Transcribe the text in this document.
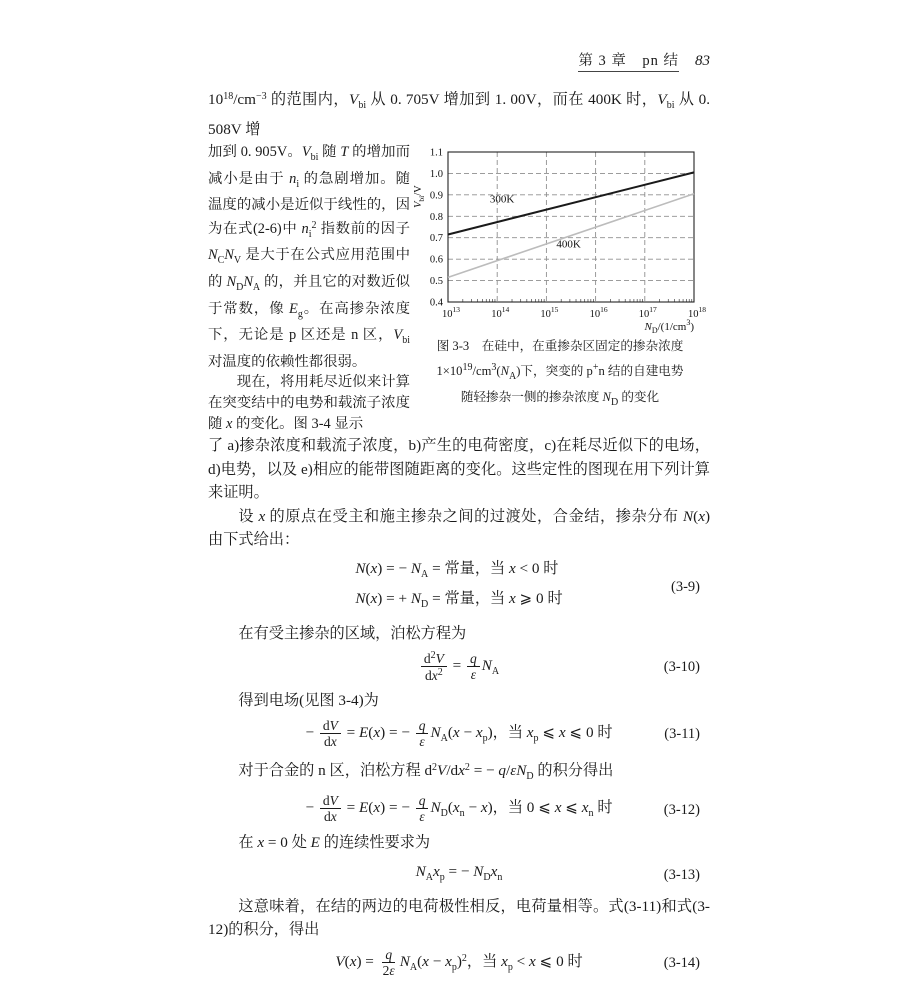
第 3 章　pn 结 83
$10^{18}/cm^{-3}$ 的范围内，$V_{bi}$ 从 0. 705V 增加到 1. 00V，而在 400K 时，$V_{bi}$ 从 0. 508V 增

加到 0. 905V。$V_{bi}$ 随 T 的增加而减小是由于 $n_i$ 的急剧增加。随温度的减小是近似于线性的，因为在式(2-6)中 $n_i^2$ 指数前的因子 $N_CN_V$ 是大于在公式应用范围中的 $N_DN_A$ 的，并且它的对数近似于常数，像 $E_g$。在高掺杂浓度下，无论是 p 区还是 n 区，$V_{bi}$ 对温度的依赖性都很弱。

现在，将用耗尽近似来计算在突变结中的电势和载流子浓度随 x 的变化。图 3-4 显示

0.4
0.5
0.6
0.7
0.8
0.9
1.0
1.1
$10^{13}$	$10^{14}$	$10^{15}$	$10^{16}$	$10^{17}$	$10^{18}$
300K
400K
$V_{bi}/V$
$N_D/(1/cm^3)$
图 3-3　在硅中，在重掺杂区固定的掺杂浓度
$1\times 10^{19}/cm^3(N_A)$下，突变的 p+n 结的自建电势
随轻掺杂一侧的掺杂浓度 $N_D$ 的变化

了 a)掺杂浓度和载流子浓度，b)产生的电荷密度，c)在耗尽近似下的电场，d)电势，以及 e)相应的能带图随距离的变化。这些定性的图现在用下列计算来证明。

设 x 的原点在受主和施主掺杂之间的过渡处，合金结，掺杂分布 N(x) 由下式给出：

N(x) = − $N_A$ = 常量，当 x < 0 时
N(x) = + $N_D$ = 常量，当 x ⩾ 0 时
(3-9)

在有受主掺杂的区域，泊松方程为

$\frac{d^2V}{dx^2} = \frac{q}{\varepsilon} N_A$	(3-10)

得到电场(见图 3-4)为

− $\frac{dV}{dx} = E(x)$ = − $\frac{q}{\varepsilon} N_A(x - x_p)$，当 $x_p$ ⩽ x ⩽ 0 时	(3-11)

对于合金的 n 区，泊松方程 $d^2V/dx^2$ = − $q/\varepsilon N_D$ 的积分得出

− $\frac{dV}{dx} = E(x)$ = − $\frac{q}{\varepsilon} N_D(x_n - x)$，当 0 ⩽ x ⩽ $x_n$ 时	(3-12)

在 x = 0 处 E 的连续性要求为

$N_Ax_p$ = − $N_Dx_n$	(3-13)

这意味着，在结的两边的电荷极性相反，电荷量相等。式(3-11)和式(3-12)的积分，得出

$V(x) = \frac{q}{2\varepsilon} N_A(x - x_p)^2$，当 $x_p < x$ ⩽ 0 时	(3-14)
